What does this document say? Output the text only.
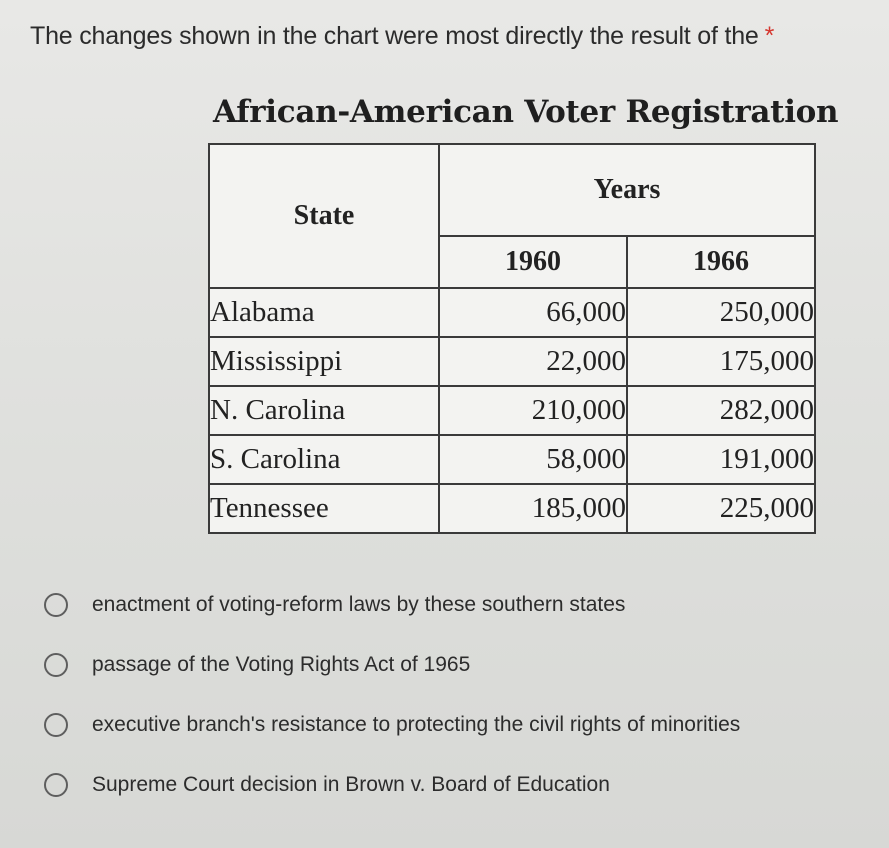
The changes shown in the chart were most directly the result of the *
African-American Voter Registration
State	Years	
	1960	1966
Alabama	66,000	250,000
Mississippi	22,000	175,000
N. Carolina	210,000	282,000
S. Carolina	58,000	191,000
Tennessee	185,000	225,000
enactment of voting-reform laws by these southern states
passage of the Voting Rights Act of 1965
executive branch's resistance to protecting the civil rights of minorities
Supreme Court decision in Brown v. Board of Education
